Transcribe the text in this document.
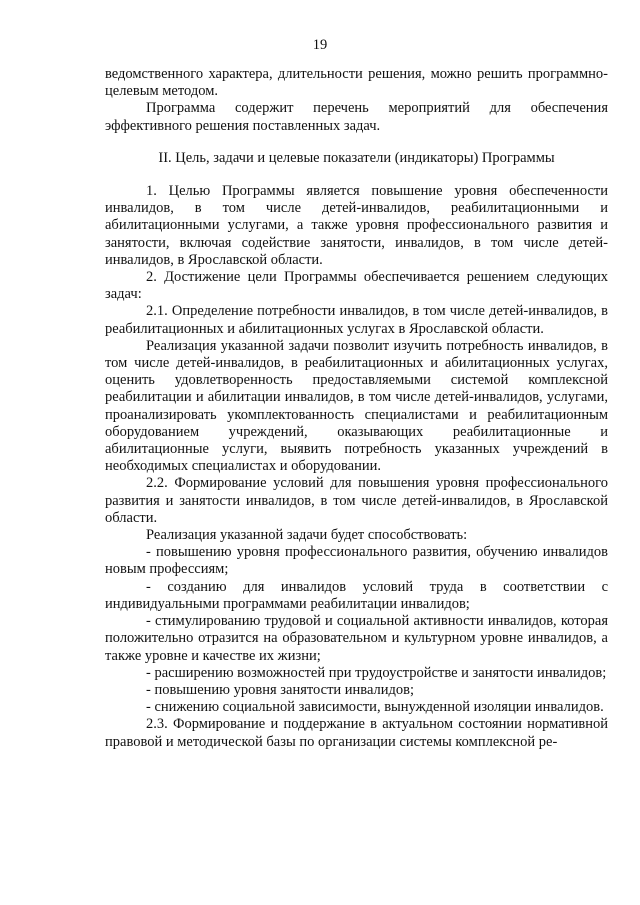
19

ведомственного характера, длительности решения, можно решить программно-целевым методом.

Программа содержит перечень мероприятий для обеспечения эффективного решения поставленных задач.

II. Цель, задачи и целевые показатели (индикаторы) Программы

1. Целью Программы является повышение уровня обеспеченности инвалидов, в том числе детей-инвалидов, реабилитационными и абилитационными услугами, а также уровня профессионального развития и занятости, включая содействие занятости, инвалидов, в том числе детей-инвалидов, в Ярославской области.

2. Достижение цели Программы обеспечивается решением следующих задач:

2.1. Определение потребности инвалидов, в том числе детей-инвалидов, в реабилитационных и абилитационных услугах в Ярославской области.

Реализация указанной задачи позволит изучить потребность инвалидов, в том числе детей-инвалидов, в реабилитационных и абилитационных услугах, оценить удовлетворенность предоставляемыми системой комплексной реабилитации и абилитации инвалидов, в том числе детей-инвалидов, услугами, проанализировать укомплектованность специалистами и реабилитационным оборудованием учреждений, оказывающих реабилитационные и абилитационные услуги, выявить потребность указанных учреждений в необходимых специалистах и оборудовании.

2.2. Формирование условий для повышения уровня профессионального развития и занятости инвалидов, в том числе детей-инвалидов, в Ярославской области.

Реализация указанной задачи будет способствовать:

- повышению уровня профессионального развития, обучению инвалидов новым профессиям;

- созданию для инвалидов условий труда в соответствии с индивидуальными программами реабилитации инвалидов;

- стимулированию трудовой и социальной активности инвалидов, которая положительно отразится на образовательном и культурном уровне инвалидов, а также уровне и качестве их жизни;

- расширению возможностей при трудоустройстве и занятости инвалидов;

- повышению уровня занятости инвалидов;

- снижению социальной зависимости, вынужденной изоляции инвалидов.

2.3. Формирование и поддержание в актуальном состоянии нормативной правовой и методической базы по организации системы комплексной ре-
